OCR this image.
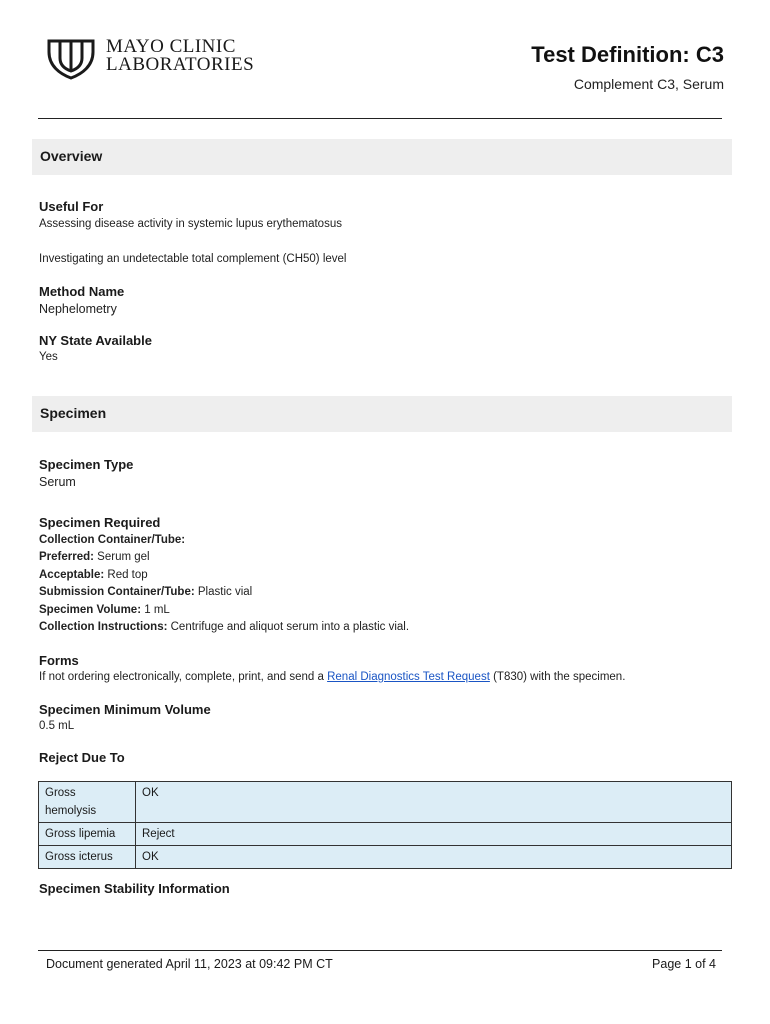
MAYO CLINIC
LABORATORIES	Test Definition: C3
Complement C3, Serum
Overview
Useful For
Assessing disease activity in systemic lupus erythematosus
Investigating an undetectable total complement (CH50) level
Method Name
Nephelometry
NY State Available
Yes
Specimen
Specimen Type
Serum
Specimen Required
Collection Container/Tube:
Preferred: Serum gel
Acceptable: Red top
Submission Container/Tube: Plastic vial
Specimen Volume: 1 mL
Collection Instructions: Centrifuge and aliquot serum into a plastic vial.
Forms
If not ordering electronically, complete, print, and send a Renal Diagnostics Test Request (T830) with the specimen.
Specimen Minimum Volume
0.5 mL
Reject Due To
Gross hemolysis	OK
Gross lipemia	Reject
Gross icterus	OK
Specimen Stability Information
Document generated April 11, 2023 at 09:42 PM CT	Page 1 of 4
